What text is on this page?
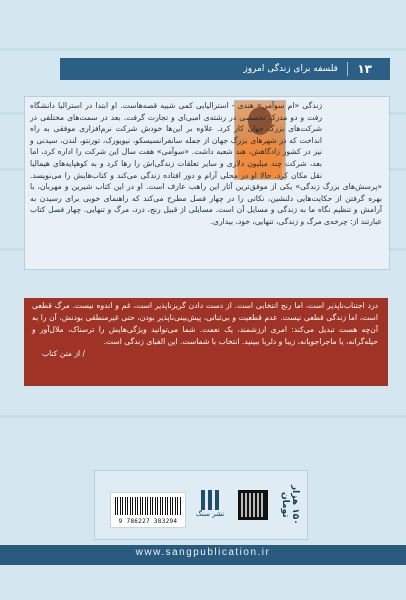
۱۳
فلسفه برای زندگی امروز
زندگی «ام سوآمی» هندی - استرالیایی کمی شبیه قصه‌هاست. او ابتدا در استرالیا دانشگاه رفت و دو مدرک تخصصی در رشته‌ی امبی‌ای و تجارت گرفت. بعد در سمت‌های مختلفی در شرکت‌های بزرگ جهان کار کرد. علاوه بر این‌ها خودش شرکت نرم‌افزاری موفقی به راه انداخت که در شهرهای بزرگ جهان از جمله سانفرانسیسکو، نیویورک، تورنتو، لندن، سیدنی و نیز در کشور زادگاهش، هند شعبه داشت. «سوآمی» هفت سال این شرکت را اداره کرد، اما بعد، شرکت چند میلیون دلاری و سایر تعلقات زندگی‌اش را رها کرد و به کوهپایه‌های هیمالیا نقل مکان کرد. حالا او در محلی آرام و دور افتاده زندگی می‌کند و کتاب‌هایش را می‌نویسد. «پرسش‌های بزرگ زندگی» یکی از موفق‌ترین آثار این راهب عارف است. او در این کتاب شیرین و مهربان، با بهره گرفتن از حکایت‌هایی دلنشین، نکاتی را در چهار فصل مطرح می‌کند که راهنمای خوبی برای رسیدن به آرامش و تنظیم نگاه ما به زندگی و مسایل آن است. مسایلی از قبیل رنج، درد، مرگ و تنهایی. چهار فصل کتاب عبارتند از: چرخه‌ی مرگ و زندگی، تنهایی، خود، بیداری.
درد اجتناب‌ناپذیر است، اما رنج انتخابی است. از دست دادن گریزناپذیر است، غم و اندوه نیست. مرگ قطعی است، اما زندگی قطعی نیست. عدم قطعیت و بی‌ثباتی، پیش‌بینی‌ناپذیر بودن، حتی غیرمنطقی بودنش، آن را به آن‌چه هست تبدیل می‌کند: امری ارزشمند، یک نعمت. شما می‌توانید ویژگی‌هایش را ترسناک، ملال‌آور و حیله‌گرانه، یا ماجراجویانه، زیبا و دلربا ببینید. انتخاب با شماست. این الفبای زندگی است.
/ از متن کتاب
۱۵۰ هزار تومان
نشر سنگ
9 786227 383294
www.sangpublication.ir
